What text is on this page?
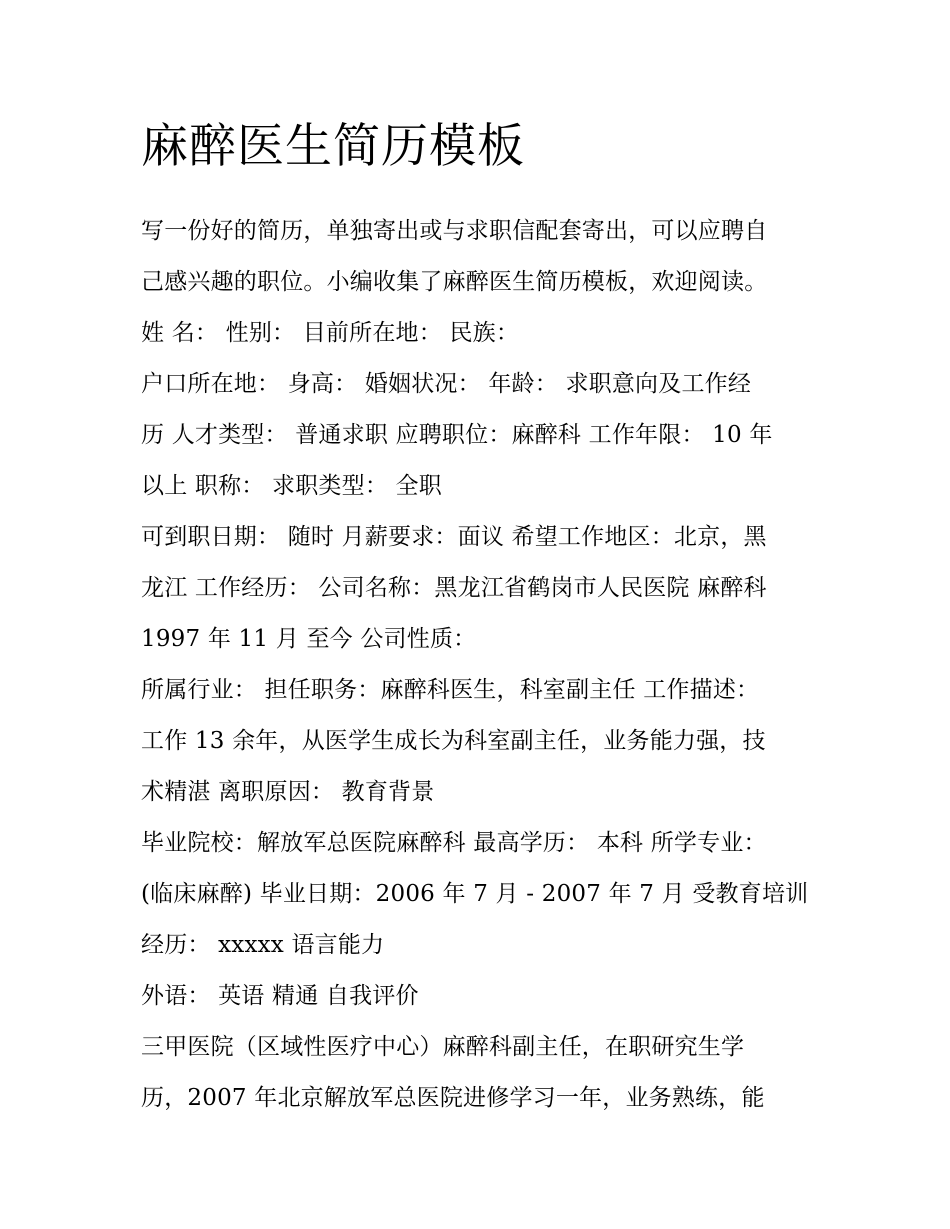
麻醉医生简历模板
写一份好的简历，单独寄出或与求职信配套寄出，可以应聘自
己感兴趣的职位。小编收集了麻醉医生简历模板，欢迎阅读。
姓 名： 性别： 目前所在地： 民族：
户口所在地： 身高： 婚姻状况： 年龄： 求职意向及工作经
历 人才类型： 普通求职 应聘职位：麻醉科 工作年限： 10 年
以上 职称： 求职类型： 全职
可到职日期： 随时 月薪要求：面议 希望工作地区：北京，黑
龙江 工作经历： 公司名称：黑龙江省鹤岗市人民医院 麻醉科
1997 年 11 月 至今 公司性质：
所属行业： 担任职务：麻醉科医生，科室副主任 工作描述：
工作 13 余年，从医学生成长为科室副主任，业务能力强，技
术精湛 离职原因： 教育背景
毕业院校：解放军总医院麻醉科 最高学历： 本科 所学专业：
(临床麻醉) 毕业日期：2006 年 7 月 - 2007 年 7 月 受教育培训
经历： xxxxx 语言能力
外语： 英语 精通 自我评价
三甲医院（区域性医疗中心）麻醉科副主任，在职研究生学
历，2007 年北京解放军总医院进修学习一年，业务熟练，能
